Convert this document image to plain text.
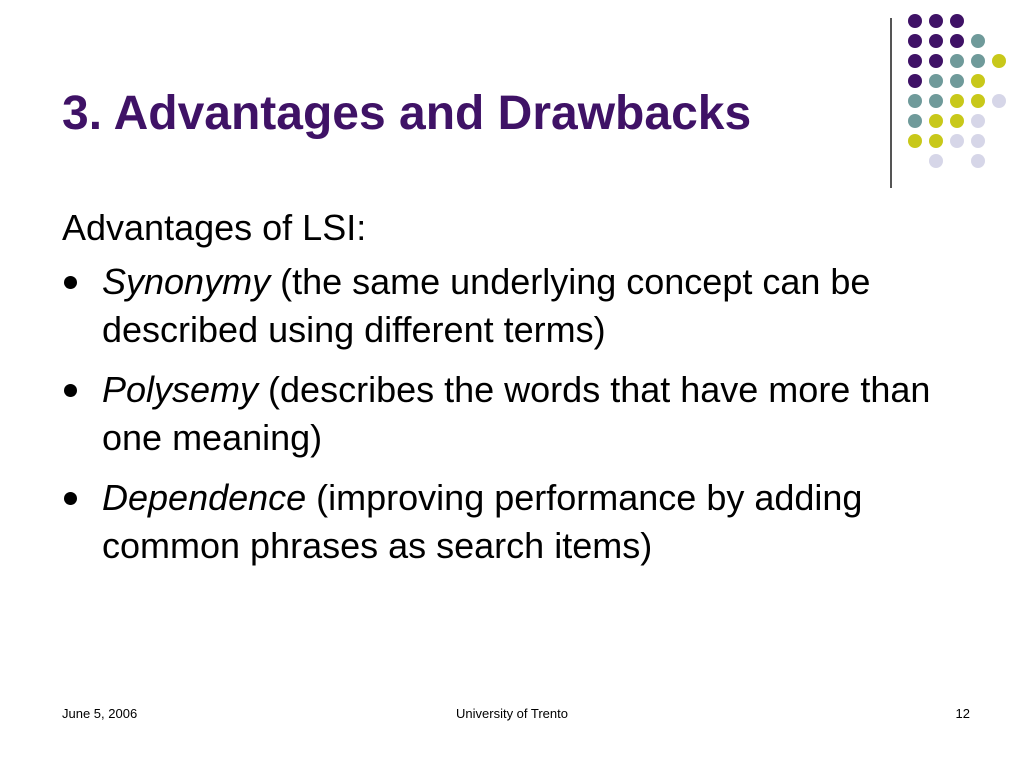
3. Advantages and Drawbacks
Advantages of LSI:
Synonymy (the same underlying concept can be described using different terms)
Polysemy (describes the words that have more than one meaning)
Dependence (improving performance by adding common phrases as search items)
June 5, 2006	University of Trento	12
